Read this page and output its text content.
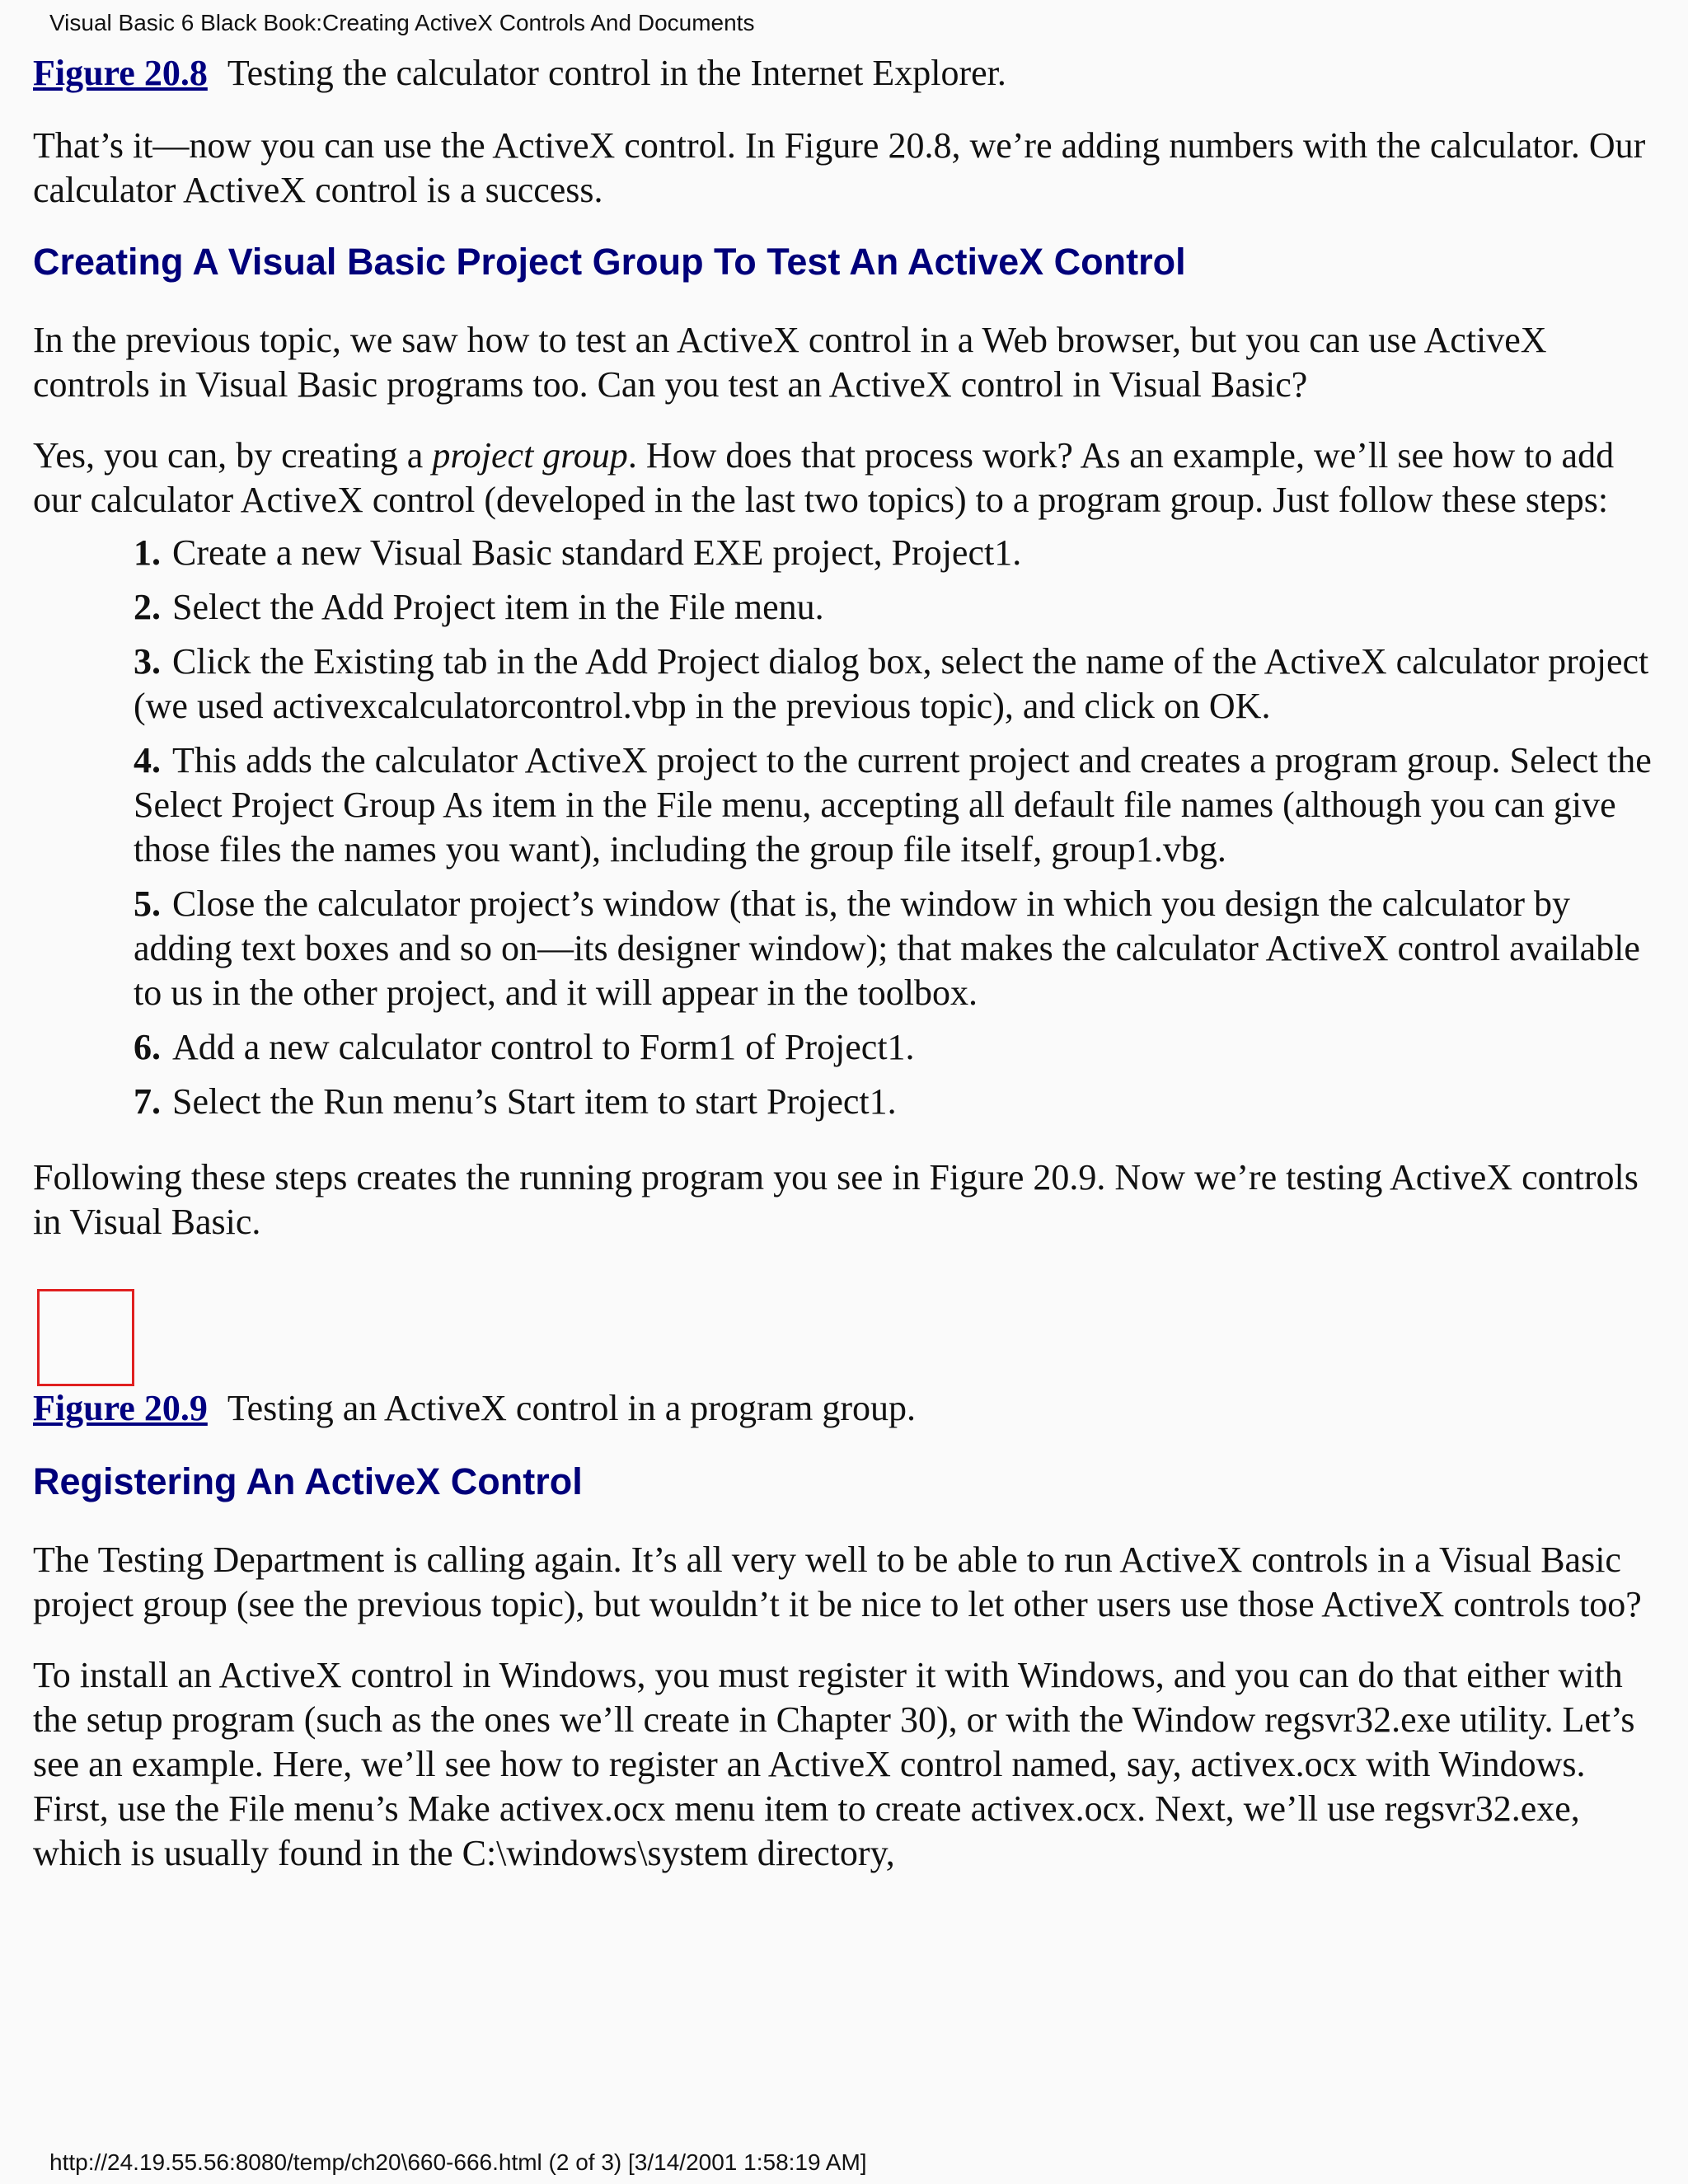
Visual Basic 6 Black Book:Creating ActiveX Controls And Documents

Figure 20.8 Testing the calculator control in the Internet Explorer.

That’s it—now you can use the ActiveX control. In Figure 20.8, we’re adding numbers with the calculator. Our calculator ActiveX control is a success.

Creating A Visual Basic Project Group To Test An ActiveX Control

In the previous topic, we saw how to test an ActiveX control in a Web browser, but you can use ActiveX controls in Visual Basic programs too. Can you test an ActiveX control in Visual Basic?

Yes, you can, by creating a project group. How does that process work? As an example, we’ll see how to add our calculator ActiveX control (developed in the last two topics) to a program group. Just follow these steps:

1. Create a new Visual Basic standard EXE project, Project1.
2. Select the Add Project item in the File menu.
3. Click the Existing tab in the Add Project dialog box, select the name of the ActiveX calculator project (we used activexcalculatorcontrol.vbp in the previous topic), and click on OK.
4. This adds the calculator ActiveX project to the current project and creates a program group. Select the Select Project Group As item in the File menu, accepting all default file names (although you can give those files the names you want), including the group file itself, group1.vbg.
5. Close the calculator project’s window (that is, the window in which you design the calculator by adding text boxes and so on—its designer window); that makes the calculator ActiveX control available to us in the other project, and it will appear in the toolbox.
6. Add a new calculator control to Form1 of Project1.
7. Select the Run menu’s Start item to start Project1.

Following these steps creates the running program you see in Figure 20.9. Now we’re testing ActiveX controls in Visual Basic.

Figure 20.9 Testing an ActiveX control in a program group.

Registering An ActiveX Control

The Testing Department is calling again. It’s all very well to be able to run ActiveX controls in a Visual Basic project group (see the previous topic), but wouldn’t it be nice to let other users use those ActiveX controls too?

To install an ActiveX control in Windows, you must register it with Windows, and you can do that either with the setup program (such as the ones we’ll create in Chapter 30), or with the Window regsvr32.exe utility. Let’s see an example. Here, we’ll see how to register an ActiveX control named, say, activex.ocx with Windows. First, use the File menu’s Make activex.ocx menu item to create activex.ocx. Next, we’ll use regsvr32.exe, which is usually found in the C:\windows\system directory,

http://24.19.55.56:8080/temp/ch20\660-666.html (2 of 3) [3/14/2001 1:58:19 AM]
